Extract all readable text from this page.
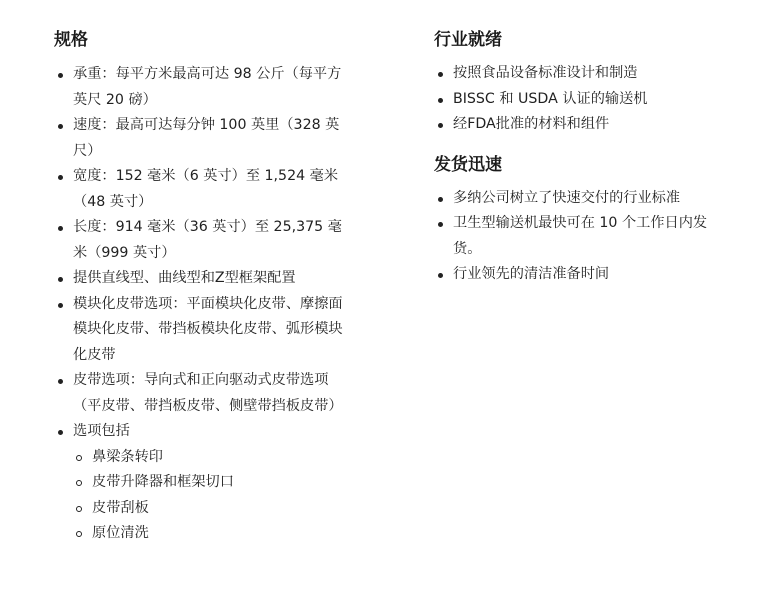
规格
承重：每平方米最高可达 98 公斤（每平方英尺 20 磅）
速度：最高可达每分钟 100 英里（328 英尺）
宽度：152 毫米（6 英寸）至 1,524 毫米（48 英寸）
长度：914 毫米（36 英寸）至 25,375 毫米（999 英寸）
提供直线型、曲线型和Z型框架配置
模块化皮带选项：平面模块化皮带、摩擦面模块化皮带、带挡板模块化皮带、弧形模块化皮带
皮带选项：导向式和正向驱动式皮带选项（平皮带、带挡板皮带、侧壁带挡板皮带）
选项包括
鼻梁条转印
皮带升降器和框架切口
皮带刮板
原位清洗
行业就绪
按照食品设备标准设计和制造
BISSC 和 USDA 认证的输送机
经FDA批准的材料和组件
发货迅速
多纳公司树立了快速交付的行业标准
卫生型输送机最快可在 10 个工作日内发货。
行业领先的清洁准备时间
